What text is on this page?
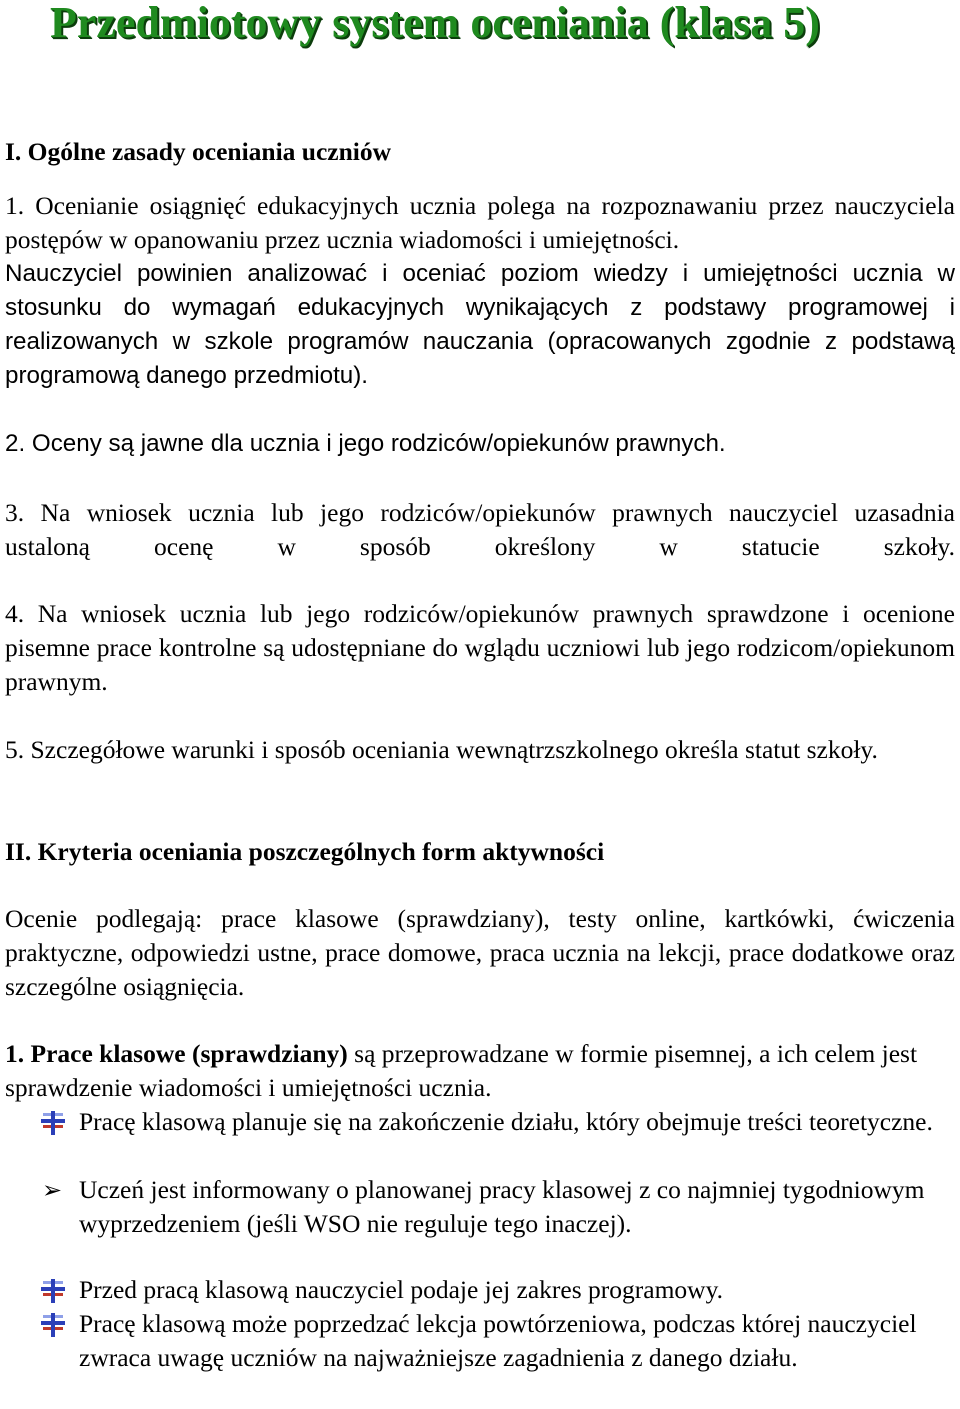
Przedmiotowy system oceniania (klasa 5)
I. Ogólne zasady oceniania uczniów
1. Ocenianie osiągnięć edukacyjnych ucznia polega na rozpoznawaniu przez nauczyciela postępów w opanowaniu przez ucznia wiadomości i umiejętności.
Nauczyciel powinien analizować i oceniać poziom wiedzy i umiejętności ucznia w stosunku do wymagań edukacyjnych wynikających z podstawy programowej i realizowanych w szkole programów nauczania (opracowanych zgodnie z podstawą programową danego przedmiotu).
2. Oceny są jawne dla ucznia i jego rodziców/opiekunów prawnych.
3. Na wniosek ucznia lub jego rodziców/opiekunów prawnych nauczyciel uzasadnia ustaloną ocenę w sposób określony w statucie szkoły.
4. Na wniosek ucznia lub jego rodziców/opiekunów prawnych sprawdzone i ocenione pisemne prace kontrolne są udostępniane do wglądu uczniowi lub jego rodzicom/opiekunom prawnym.
5. Szczegółowe warunki i sposób oceniania wewnątrzszkolnego określa statut szkoły.
II. Kryteria oceniania poszczególnych form aktywności
Ocenie podlegają: prace klasowe (sprawdziany), testy online, kartkówki, ćwiczenia praktyczne, odpowiedzi ustne, prace domowe, praca ucznia na lekcji, prace dodatkowe oraz szczególne osiągnięcia.
1. Prace klasowe (sprawdziany) są przeprowadzane w formie pisemnej, a ich celem jest sprawdzenie wiadomości i umiejętności ucznia.
Pracę klasową planuje się na zakończenie działu, który obejmuje treści teoretyczne.
➢ Uczeń jest informowany o planowanej pracy klasowej z co najmniej tygodniowym wyprzedzeniem (jeśli WSO nie reguluje tego inaczej).
Przed pracą klasową nauczyciel podaje jej zakres programowy.
Pracę klasową może poprzedzać lekcja powtórzeniowa, podczas której nauczyciel zwraca uwagę uczniów na najważniejsze zagadnienia z danego działu.
